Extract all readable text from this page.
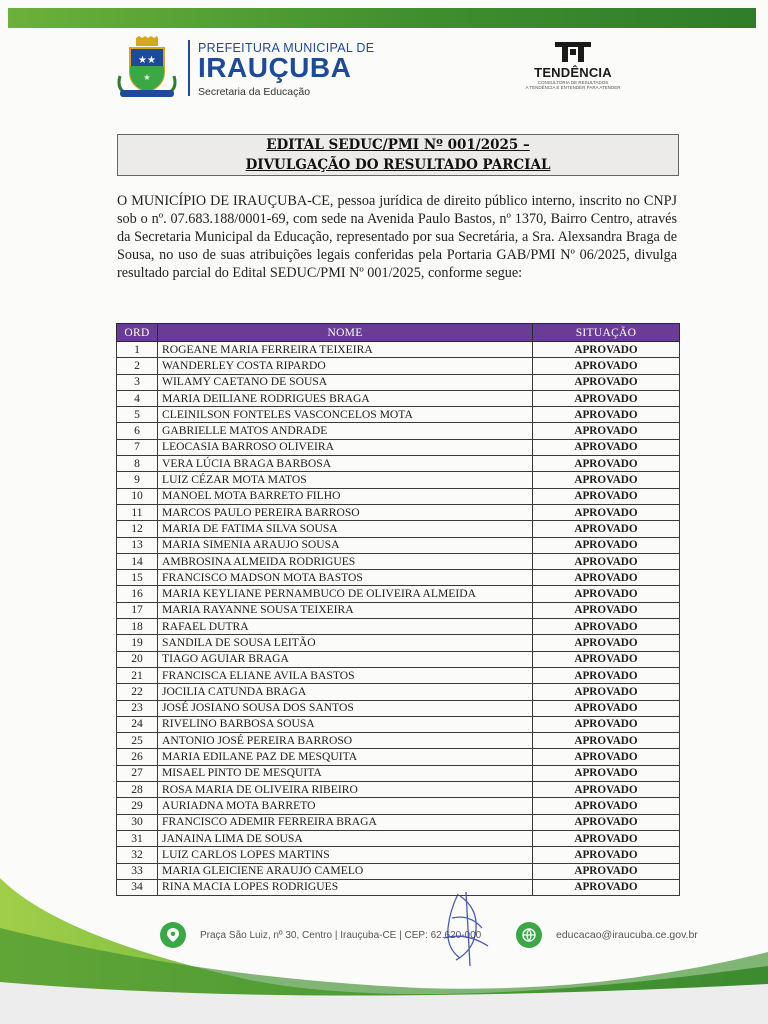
★★
★
PREFEITURA MUNICIPAL DE
IRAUÇUBA
Secretaria da Educação
TENDÊNCIA
CONSULTORIA DE RESULTADOS
A TENDÊNCIA É ENTENDER PARA ATENDER
EDITAL SEDUC/PMI Nº 001/2025 –
DIVULGAÇÃO DO RESULTADO PARCIAL
O MUNICÍPIO DE IRAUÇUBA-CE, pessoa jurídica de direito público interno, inscrito no CNPJ sob o nº. 07.683.188/0001-69, com sede na Avenida Paulo Bastos, nº 1370, Bairro Centro, através da Secretaria Municipal da Educação, representado por sua Secretária, a Sra. Alexsandra Braga de Sousa, no uso de suas atribuições legais conferidas pela Portaria GAB/PMI Nº 06/2025, divulga resultado parcial do Edital SEDUC/PMI Nº 001/2025, conforme segue:
ORD	NOME	SITUAÇÃO
1	ROGEANE MARIA FERREIRA TEIXEIRA	APROVADO
2	WANDERLEY COSTA RIPARDO	APROVADO
3	WILAMY CAETANO DE SOUSA	APROVADO
4	MARIA DEILIANE RODRIGUES BRAGA	APROVADO
5	CLEINILSON FONTELES VASCONCELOS MOTA	APROVADO
6	GABRIELLE MATOS ANDRADE	APROVADO
7	LEOCASIA BARROSO OLIVEIRA	APROVADO
8	VERA LÚCIA BRAGA BARBOSA	APROVADO
9	LUIZ CÉZAR MOTA MATOS	APROVADO
10	MANOEL MOTA BARRETO FILHO	APROVADO
11	MARCOS PAULO PEREIRA BARROSO	APROVADO
12	MARIA DE FATIMA SILVA SOUSA	APROVADO
13	MARIA SIMENIA ARAUJO SOUSA	APROVADO
14	AMBROSINA ALMEIDA RODRIGUES	APROVADO
15	FRANCISCO MADSON MOTA BASTOS	APROVADO
16	MARIA KEYLIANE PERNAMBUCO DE OLIVEIRA ALMEIDA	APROVADO
17	MARIA RAYANNE SOUSA TEIXEIRA	APROVADO
18	RAFAEL DUTRA	APROVADO
19	SANDILA DE SOUSA LEITÃO	APROVADO
20	TIAGO AGUIAR BRAGA	APROVADO
21	FRANCISCA ELIANE AVILA BASTOS	APROVADO
22	JOCILIA CATUNDA BRAGA	APROVADO
23	JOSÉ JOSIANO SOUSA DOS SANTOS	APROVADO
24	RIVELINO BARBOSA SOUSA	APROVADO
25	ANTONIO JOSÉ PEREIRA BARROSO	APROVADO
26	MARIA EDILANE PAZ DE MESQUITA	APROVADO
27	MISAEL PINTO DE MESQUITA	APROVADO
28	ROSA MARIA DE OLIVEIRA RIBEIRO	APROVADO
29	AURIADNA MOTA BARRETO	APROVADO
30	FRANCISCO ADEMIR FERREIRA BRAGA	APROVADO
31	JANAINA LIMA DE SOUSA	APROVADO
32	LUIZ CARLOS LOPES MARTINS	APROVADO
33	MARIA GLEICIENE ARAUJO CAMELO	APROVADO
34	RINA MACIA LOPES RODRIGUES	APROVADO
Praça São Luiz, nº 30, Centro | Irauçuba-CE | CEP: 62.620-000	educacao@iraucuba.ce.gov.br
